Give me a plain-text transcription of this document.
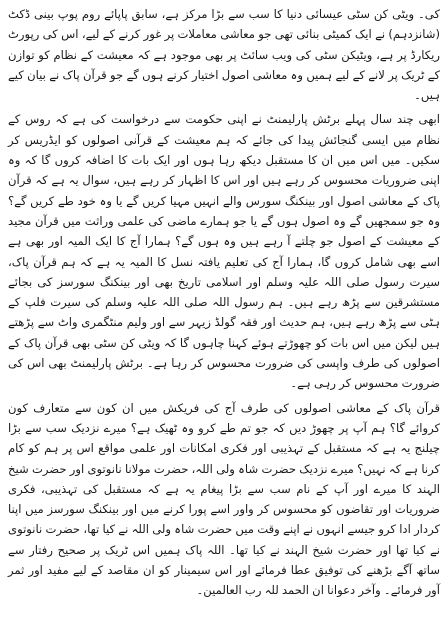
کی۔ ویٹی کن سٹی عیسائی دنیا کا سب سے بڑا مرکز ہے، سابق پاپائے روم پوپ بینی ڈکٹ (شانزدہم) نے ایک کمیٹی بنائی تھی جو معاشی معاملات پر غور کرنے کے لیے، اس کی رپورٹ ریکارڈ پر ہے، ویٹیکن سٹی کی ویب سائٹ پر بھی موجود ہے کہ معیشت کے نظام کو توازن کے ٹریک پر لانے کے لیے ہمیں وہ معاشی اصول اختیار کرنے ہوں گے جو قرآن پاک نے بیان کیے ہیں۔

ابھی چند سال پہلے برٹش پارلیمنٹ نے اپنی حکومت سے درخواست کی ہے کہ روس کے نظام میں ایسی گنجائش پیدا کی جائے کہ ہم معیشت کے قرآنی اصولوں کو ایڈریس کر سکیں۔ میں اس میں ان کا مستقبل دیکھ رہا ہوں اور ایک بات کا اضافہ کروں گا کہ وہ اپنی ضروریات محسوس کر رہے ہیں اور اس کا اظہار کر رہے ہیں، سوال یہ ہے کہ قرآن پاک کے معاشی اصول اور بینکنگ سورس والے انہیں مہیا کریں گے یا وہ خود طے کریں گے؟ وہ جو سمجھیں گے وہ اصول ہوں گے یا جو ہمارے ماضی کی علمی وراثت میں قرآن مجید کے معیشت کے اصول جو چلتے آ رہے ہیں وہ ہوں گے؟ ہمارا آج کا ایک المیہ اور بھی ہے اسے بھی شامل کروں گا، ہمارا آج کی تعلیم یافتہ نسل کا المیہ یہ ہے کہ ہم قرآن پاک، سیرت رسول صلی اللہ علیہ وسلم اور اسلامی تاریخ بھی اور بینکنگ سورسز کی بجائے مستشرقین سے پڑھ رہے ہیں۔ ہم رسول اللہ صلی اللہ علیہ وسلم کی سیرت فلپ کے ہٹی سے پڑھ رہے ہیں، ہم حدیث اور فقہ گولڈ زیہر سے اور ولیم منٹگمری واٹ سے پڑھتے ہیں لیکن میں اس بات کو چھوڑتے ہوئے کہنا چاہوں گا کہ ویٹی کن سٹی بھی قرآن پاک کے اصولوں کی طرف واپسی کی ضرورت محسوس کر رہا ہے۔ برٹش پارلیمنٹ بھی اس کی ضرورت محسوس کر رہی ہے۔

قرآن پاک کے معاشی اصولوں کی طرف آج کی فریکش میں ان کون سے متعارف کون کروائے گا؟ ہم آپ پر چھوڑ دیں کہ جو تم طے کرو وہ ٹھیک ہے؟ میرے نزدیک سب سے بڑا چیلنج یہ ہے کہ مستقبل کے تہذیبی اور فکری امکانات اور علمی مواقع اس پر ہم کو کام کرنا ہے کہ نہیں؟ میرے نزدیک حضرت شاہ ولی اللہ، حضرت مولانا نانوتوی اور حضرت شیخ الہند کا میرے اور آپ کے نام سب سے بڑا پیغام یہ ہے کہ مستقبل کی تہذیبی، فکری ضروریات اور تقاضوں کو محسوس کر واور اسے پورا کرنے میں اور بینکنگ سورسز میں اپنا کردار ادا کرو جیسے انہوں نے اپنے وقت میں حضرت شاہ ولی اللہ نے کیا تھا، حضرت نانوتوی نے کیا تھا اور حضرت شیخ الہند نے کیا تھا۔ اللہ پاک ہمیں اس ٹریک پر صحیح رفتار سے ساتھ آگے بڑھنے کی توفیق عطا فرمائے اور اس سیمینار کو ان مقاصد کے لیے مفید اور ثمر آور فرمائے۔ وآخر دعوانا ان الحمد للہ رب العالمین۔
